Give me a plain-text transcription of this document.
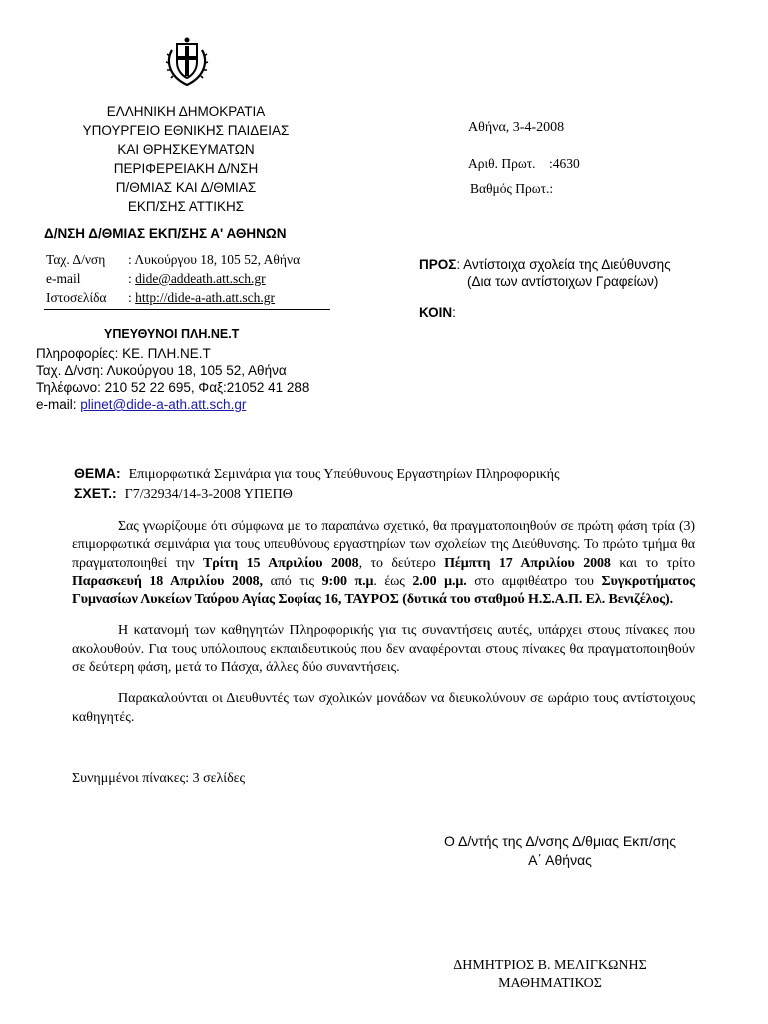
ΕΛΛΗΝΙΚΗ ΔΗΜΟΚΡΑΤΙΑ
ΥΠΟΥΡΓΕΙΟ ΕΘΝΙΚΗΣ ΠΑΙΔΕΙΑΣ
ΚΑΙ ΘΡΗΣΚΕΥΜΑΤΩΝ
ΠΕΡΙΦΕΡΕΙΑΚΗ Δ/ΝΣΗ
Π/ΘΜΙΑΣ ΚΑΙ Δ/ΘΜΙΑΣ
ΕΚΠ/ΣΗΣ ΑΤΤΙΚΗΣ
Δ/ΝΣΗ Δ/ΘΜΙΑΣ ΕΚΠ/ΣΗΣ Α' ΑΘΗΝΩΝ
Ταχ. Δ/νση : Λυκούργου 18, 105 52, Αθήνα
e-mail	: dide@addeath.att.sch.gr
Ιστοσελίδα : http://dide-a-ath.att.sch.gr
ΥΠΕΥΘΥΝΟΙ ΠΛΗ.ΝΕ.Τ
Πληροφορίες: ΚΕ. ΠΛΗ.ΝΕ.Τ
Ταχ. Δ/νση: Λυκούργου 18, 105 52, Αθήνα
Τηλέφωνο: 210 52 22 695, Φαξ:21052 41 288
e-mail: plinet@dide-a-ath.att.sch.gr
Αθήνα, 3-4-2008
Αριθ. Πρωτ.    :4630
Βαθμός Πρωτ.:
ΠΡΟΣ: Αντίστοιχα σχολεία της Διεύθυνσης
(Δια των αντίστοιχων Γραφείων)
ΚΟΙΝ:
ΘΕΜΑ: Επιμορφωτικά Σεμινάρια για τους Υπεύθυνους Εργαστηρίων Πληροφορικής
ΣΧΕΤ.: Γ7/32934/14-3-2008 ΥΠΕΠΘ

Σας γνωρίζουμε ότι σύμφωνα με το παραπάνω σχετικό, θα πραγματοποιηθούν σε πρώτη φάση τρία (3) επιμορφωτικά σεμινάρια για τους υπευθύνους εργαστηρίων των σχολείων της Διεύθυνσης. Το πρώτο τμήμα θα πραγματοποιηθεί την Τρίτη 15 Απριλίου 2008, το δεύτερο Πέμπτη 17 Απριλίου 2008 και το τρίτο Παρασκευή 18 Απριλίου 2008, από τις 9:00 π.μ. έως 2.00 μ.μ. στο αμφιθέατρο του Συγκροτήματος Γυμνασίων Λυκείων Ταύρου Αγίας Σοφίας 16, ΤΑΥΡΟΣ (δυτικά του σταθμού Η.Σ.Α.Π. Ελ. Βενιζέλος).

Η κατανομή των καθηγητών Πληροφορικής για τις συναντήσεις αυτές, υπάρχει στους πίνακες που ακολουθούν. Για τους υπόλοιπους εκπαιδευτικούς που δεν αναφέρονται στους πίνακες θα πραγματοποιηθούν σε δεύτερη φάση, μετά το Πάσχα, άλλες δύο συναντήσεις.

Παρακαλούνται οι Διευθυντές των σχολικών μονάδων να διευκολύνουν σε ωράριο τους αντίστοιχους καθηγητές.

Συνημμένοι πίνακες: 3 σελίδες
Ο Δ/ντής της Δ/νσης Δ/θμιας Εκπ/σης
Α΄ Αθήνας
ΔΗΜΗΤΡΙΟΣ Β. ΜΕΛΙΓΚΩΝΗΣ
ΜΑΘΗΜΑΤΙΚΟΣ
